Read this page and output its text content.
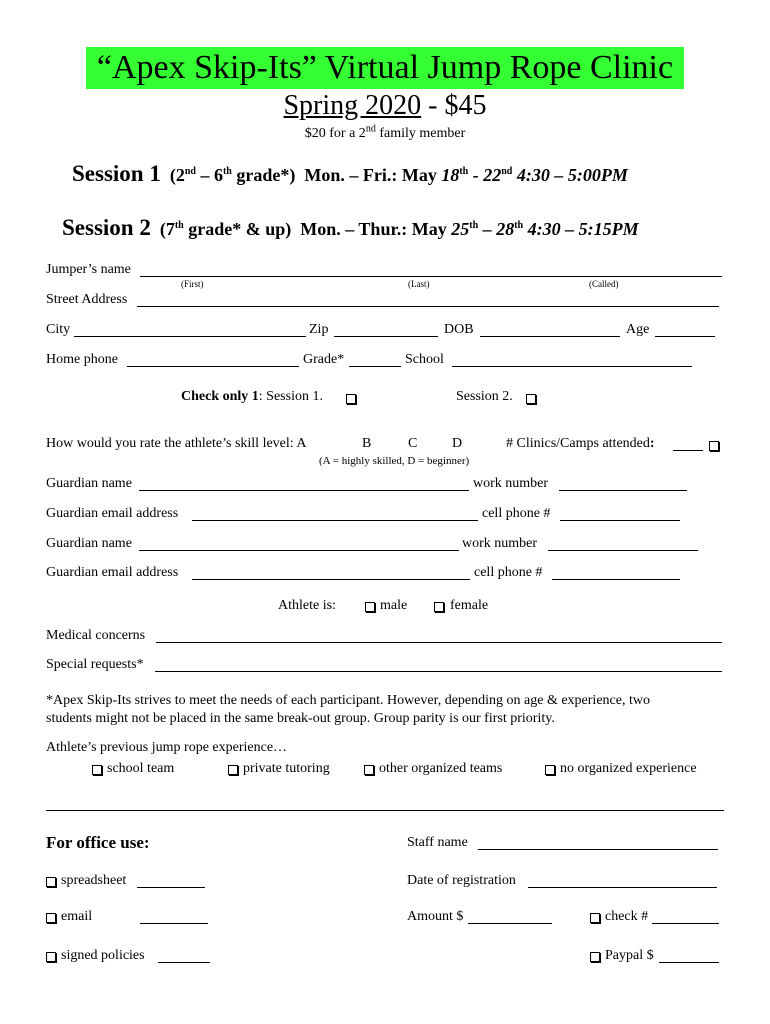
“Apex Skip-Its” Virtual Jump Rope Clinic
Spring 2020 - $45
$20 for a 2nd family member
Session 1 (2nd – 6th grade*) Mon. – Fri.: May 18th - 22nd 4:30 – 5:00PM
Session 2 (7th grade* & up) Mon. – Thur.: May 25th – 28th 4:30 – 5:15PM
Jumper’s name
(First)	(Last)	(Called)
Street Address
City	Zip	DOB	Age
Home phone	Grade*	School
Check only 1: Session 1.	Session 2.
How would you rate the athlete’s skill level: A	B	C D	# Clinics/Camps attended:
(A = highly skilled, D = beginner)
Guardian name	work number
Guardian email address	cell phone #
Guardian name	work number
Guardian email address	cell phone #
Athlete is:	male	female
Medical concerns
Special requests*
*Apex Skip-Its strives to meet the needs of each participant. However, depending on age & experience, two
students might not be placed in the same break-out group. Group parity is our first priority.
Athlete’s previous jump rope experience…
school team	private tutoring	other organized teams	no organized experience
For office use:	Staff name
spreadsheet	Date of registration
email	Amount $	check #
signed policies	Paypal $
